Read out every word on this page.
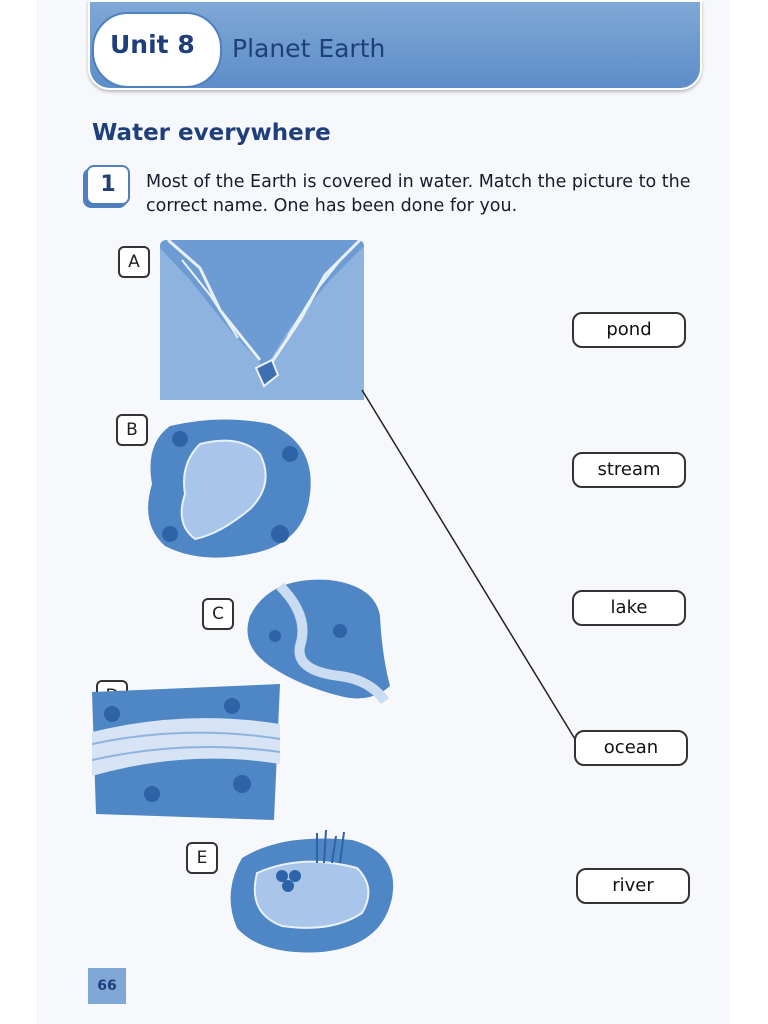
Unit 8 Planet Earth
Water everywhere
1	Most of the Earth is covered in water. Match the picture to the correct name. One has been done for you.
A
B
C
E
pond
stream
lake
ocean
river
66
